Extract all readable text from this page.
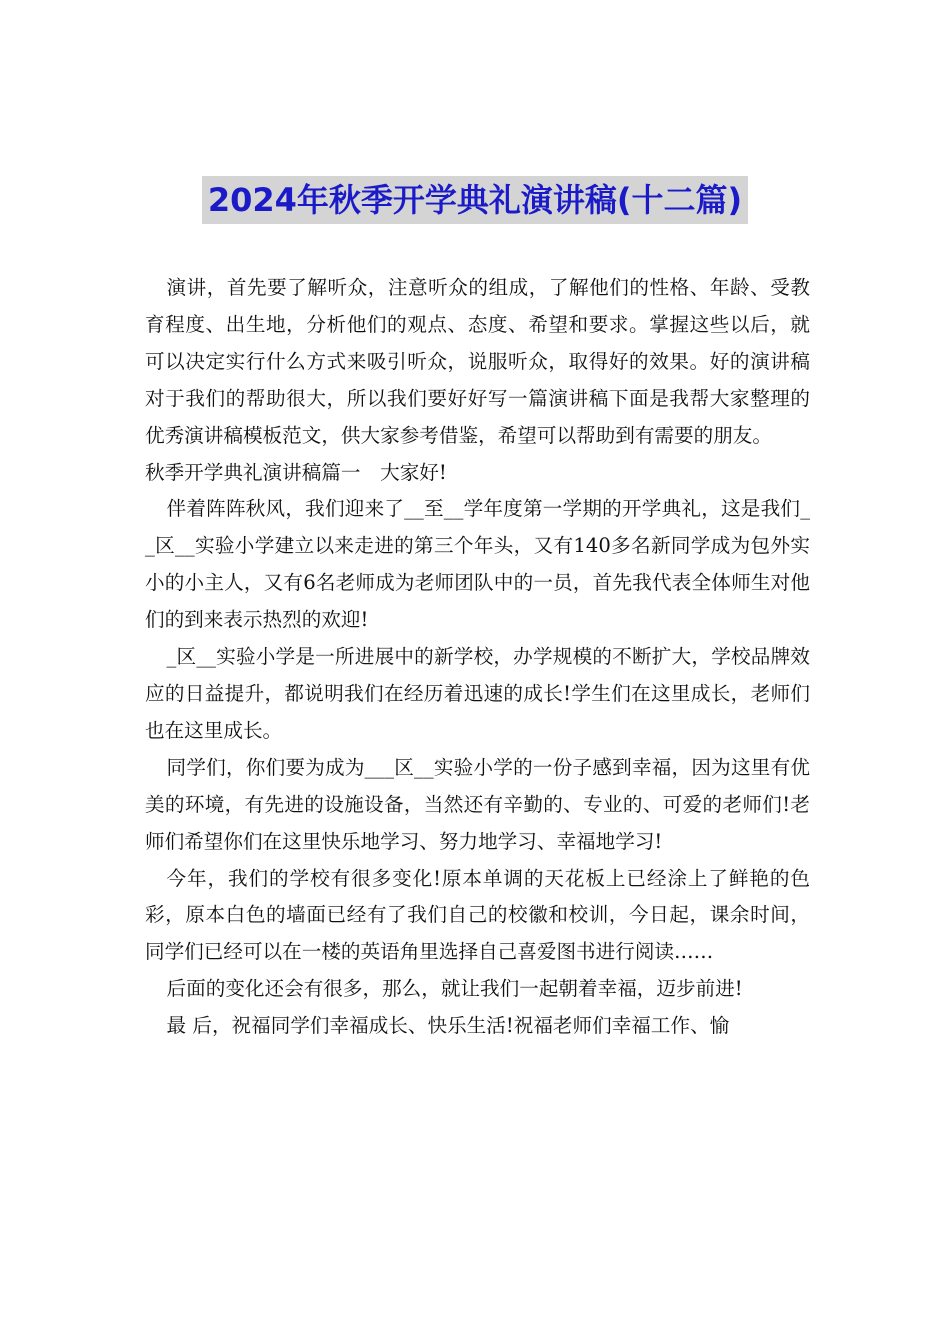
2024年秋季开学典礼演讲稿(十二篇)

演讲，首先要了解听众，注意听众的组成，了解他们的性格、年龄、受教育程度、出生地，分析他们的观点、态度、希望和要求。掌握这些以后，就可以决定实行什么方式来吸引听众，说服听众，取得好的效果。好的演讲稿对于我们的帮助很大，所以我们要好好写一篇演讲稿下面是我帮大家整理的优秀演讲稿模板范文，供大家参考借鉴，希望可以帮助到有需要的朋友。

秋季开学典礼演讲稿篇一　大家好!

伴着阵阵秋风，我们迎来了__至__学年度第一学期的开学典礼，这是我们__区__实验小学建立以来走进的第三个年头，又有140多名新同学成为包外实小的小主人，又有6名老师成为老师团队中的一员，首先我代表全体师生对他们的到来表示热烈的欢迎!

_区__实验小学是一所进展中的新学校，办学规模的不断扩大，学校品牌效应的日益提升，都说明我们在经历着迅速的成长!学生们在这里成长，老师们也在这里成长。

同学们，你们要为成为___区__实验小学的一份子感到幸福，因为这里有优美的环境，有先进的设施设备，当然还有辛勤的、专业的、可爱的老师们!老师们希望你们在这里快乐地学习、努力地学习、幸福地学习!

今年，我们的学校有很多变化!原本单调的天花板上已经涂上了鲜艳的色彩，原本白色的墙面已经有了我们自己的校徽和校训，今日起，课余时间，同学们已经可以在一楼的英语角里选择自己喜爱图书进行阅读……

后面的变化还会有很多，那么，就让我们一起朝着幸福，迈步前进!

最 后，祝福同学们幸福成长、快乐生活!祝福老师们幸福工作、愉
